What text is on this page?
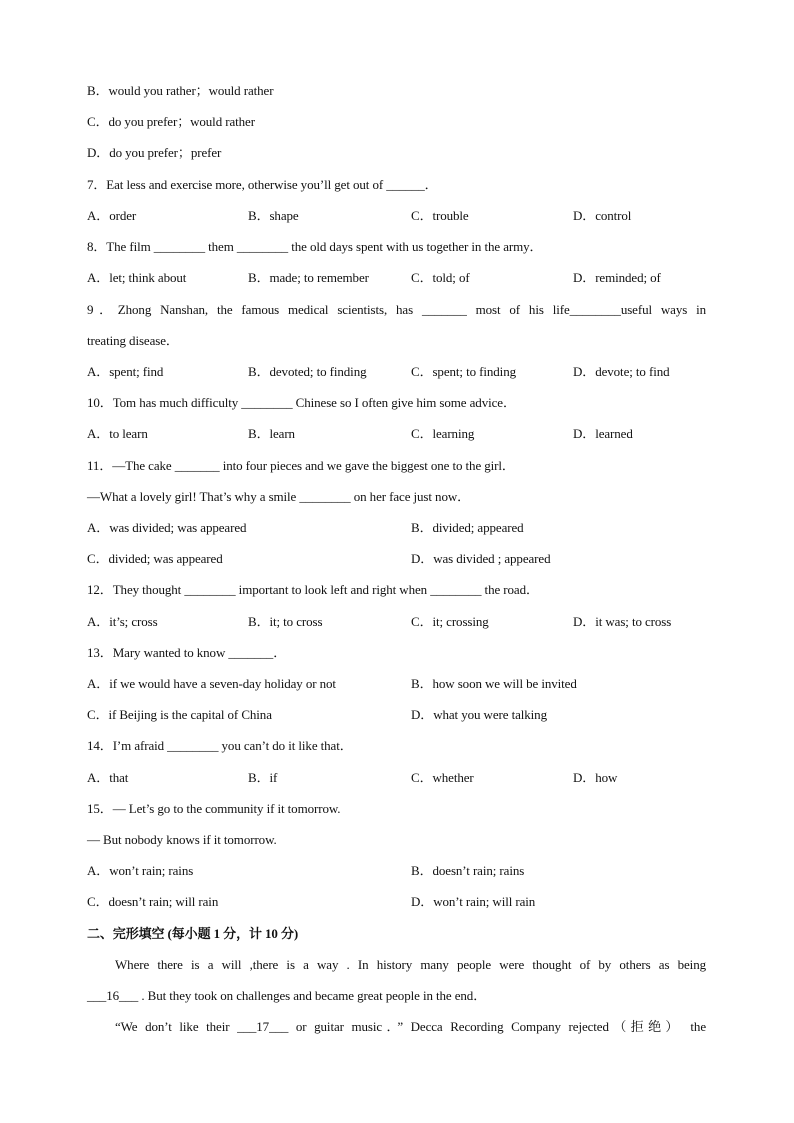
B．would you rather；would rather
C．do you prefer；would rather
D．do you prefer；prefer
7．Eat less and exercise more, otherwise you’ll get out of ______．
A．order	B．shape	C．trouble	D．control
8．The film ________ them ________ the old days spent with us together in the army．
A．let; think about	B．made; to remember	C．told; of	D．reminded; of
9．Zhong Nanshan, the famous medical scientists, has _______ most of his life________useful ways in
treating disease．
A．spent; find	B．devoted; to finding	C．spent; to finding	D．devote; to find
10．Tom has much difficulty ________ Chinese so I often give him some advice．
A．to learn	B．learn	C．learning	D．learned
11．—The cake _______ into four pieces and we gave the biggest one to the girl．
—What a lovely girl! That’s why a smile ________ on her face just now．
A．was divided; was appeared	B．divided; appeared
C．divided; was appeared	D．was divided ; appeared
12．They thought ________ important to look left and right when ________ the road．
A．it’s; cross	B．it; to cross	C．it; crossing	D．it was; to cross
13．Mary wanted to know _______．
A．if we would have a seven-day holiday or not	B．how soon we will be invited
C．if Beijing is the capital of China	D．what you were talking
14．I’m afraid ________ you can’t do it like that．
A．that	B．if	C．whether	D．how
15．— Let’s go to the community if it tomorrow.
— But nobody knows if it tomorrow.
A．won’t rain; rains	B．doesn’t rain; rains
C．doesn’t rain; will rain	D．won’t rain; will rain
二、完形填空 (每小题 1 分，计 10 分)
Where there is a will ,there is a way . In history many people were thought of by others as being
___16___ . But they took on challenges and became great people in the end．
“We don’t like their ___17___ or guitar music．” Decca Recording Company rejected（拒绝） the
